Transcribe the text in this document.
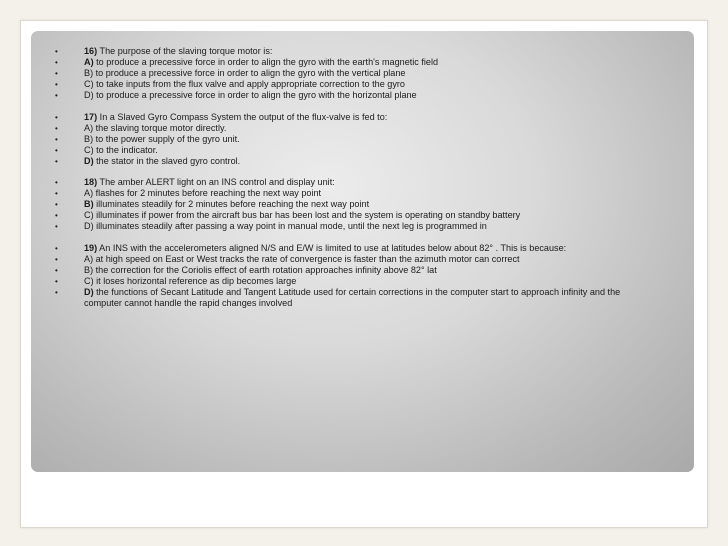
•	16) The purpose of the slaving torque motor is:
•	A) to produce a precessive force in order to align the gyro with the earth's magnetic field
•	B) to produce a precessive force in order to align the gyro with the vertical plane
•	C) to take inputs from the flux valve and apply appropriate correction to the gyro
•	D) to produce a precessive force in order to align the gyro with the horizontal plane
•	17) In a Slaved Gyro Compass System the output of the flux-valve is fed to:
•	A) the slaving torque motor directly.
•	B) to the power supply of the gyro unit.
•	C) to the indicator.
•	D) the stator in the slaved gyro control.
•	18) The amber ALERT light on an INS control and display unit:
•	A) flashes for 2 minutes before reaching the next way point
•	B) illuminates steadily for 2 minutes before reaching the next way point
•	C) illuminates if power from the aircraft bus bar has been lost and the system is operating on standby battery
•	D) illuminates steadily after passing a way point in manual mode, until the next leg is programmed in
•	19) An INS with the accelerometers aligned N/S and E/W is limited to use at latitudes below about 82° . This is because:
•	A) at high speed on East or West tracks the rate of convergence is faster than the azimuth motor can correct
•	B) the correction for the Coriolis effect of earth rotation approaches infinity above 82° lat
•	C) it loses horizontal reference as dip becomes large
•	D) the functions of Secant Latitude and Tangent Latitude used for certain corrections in the computer start to approach infinity and the
computer cannot handle the rapid changes involved
